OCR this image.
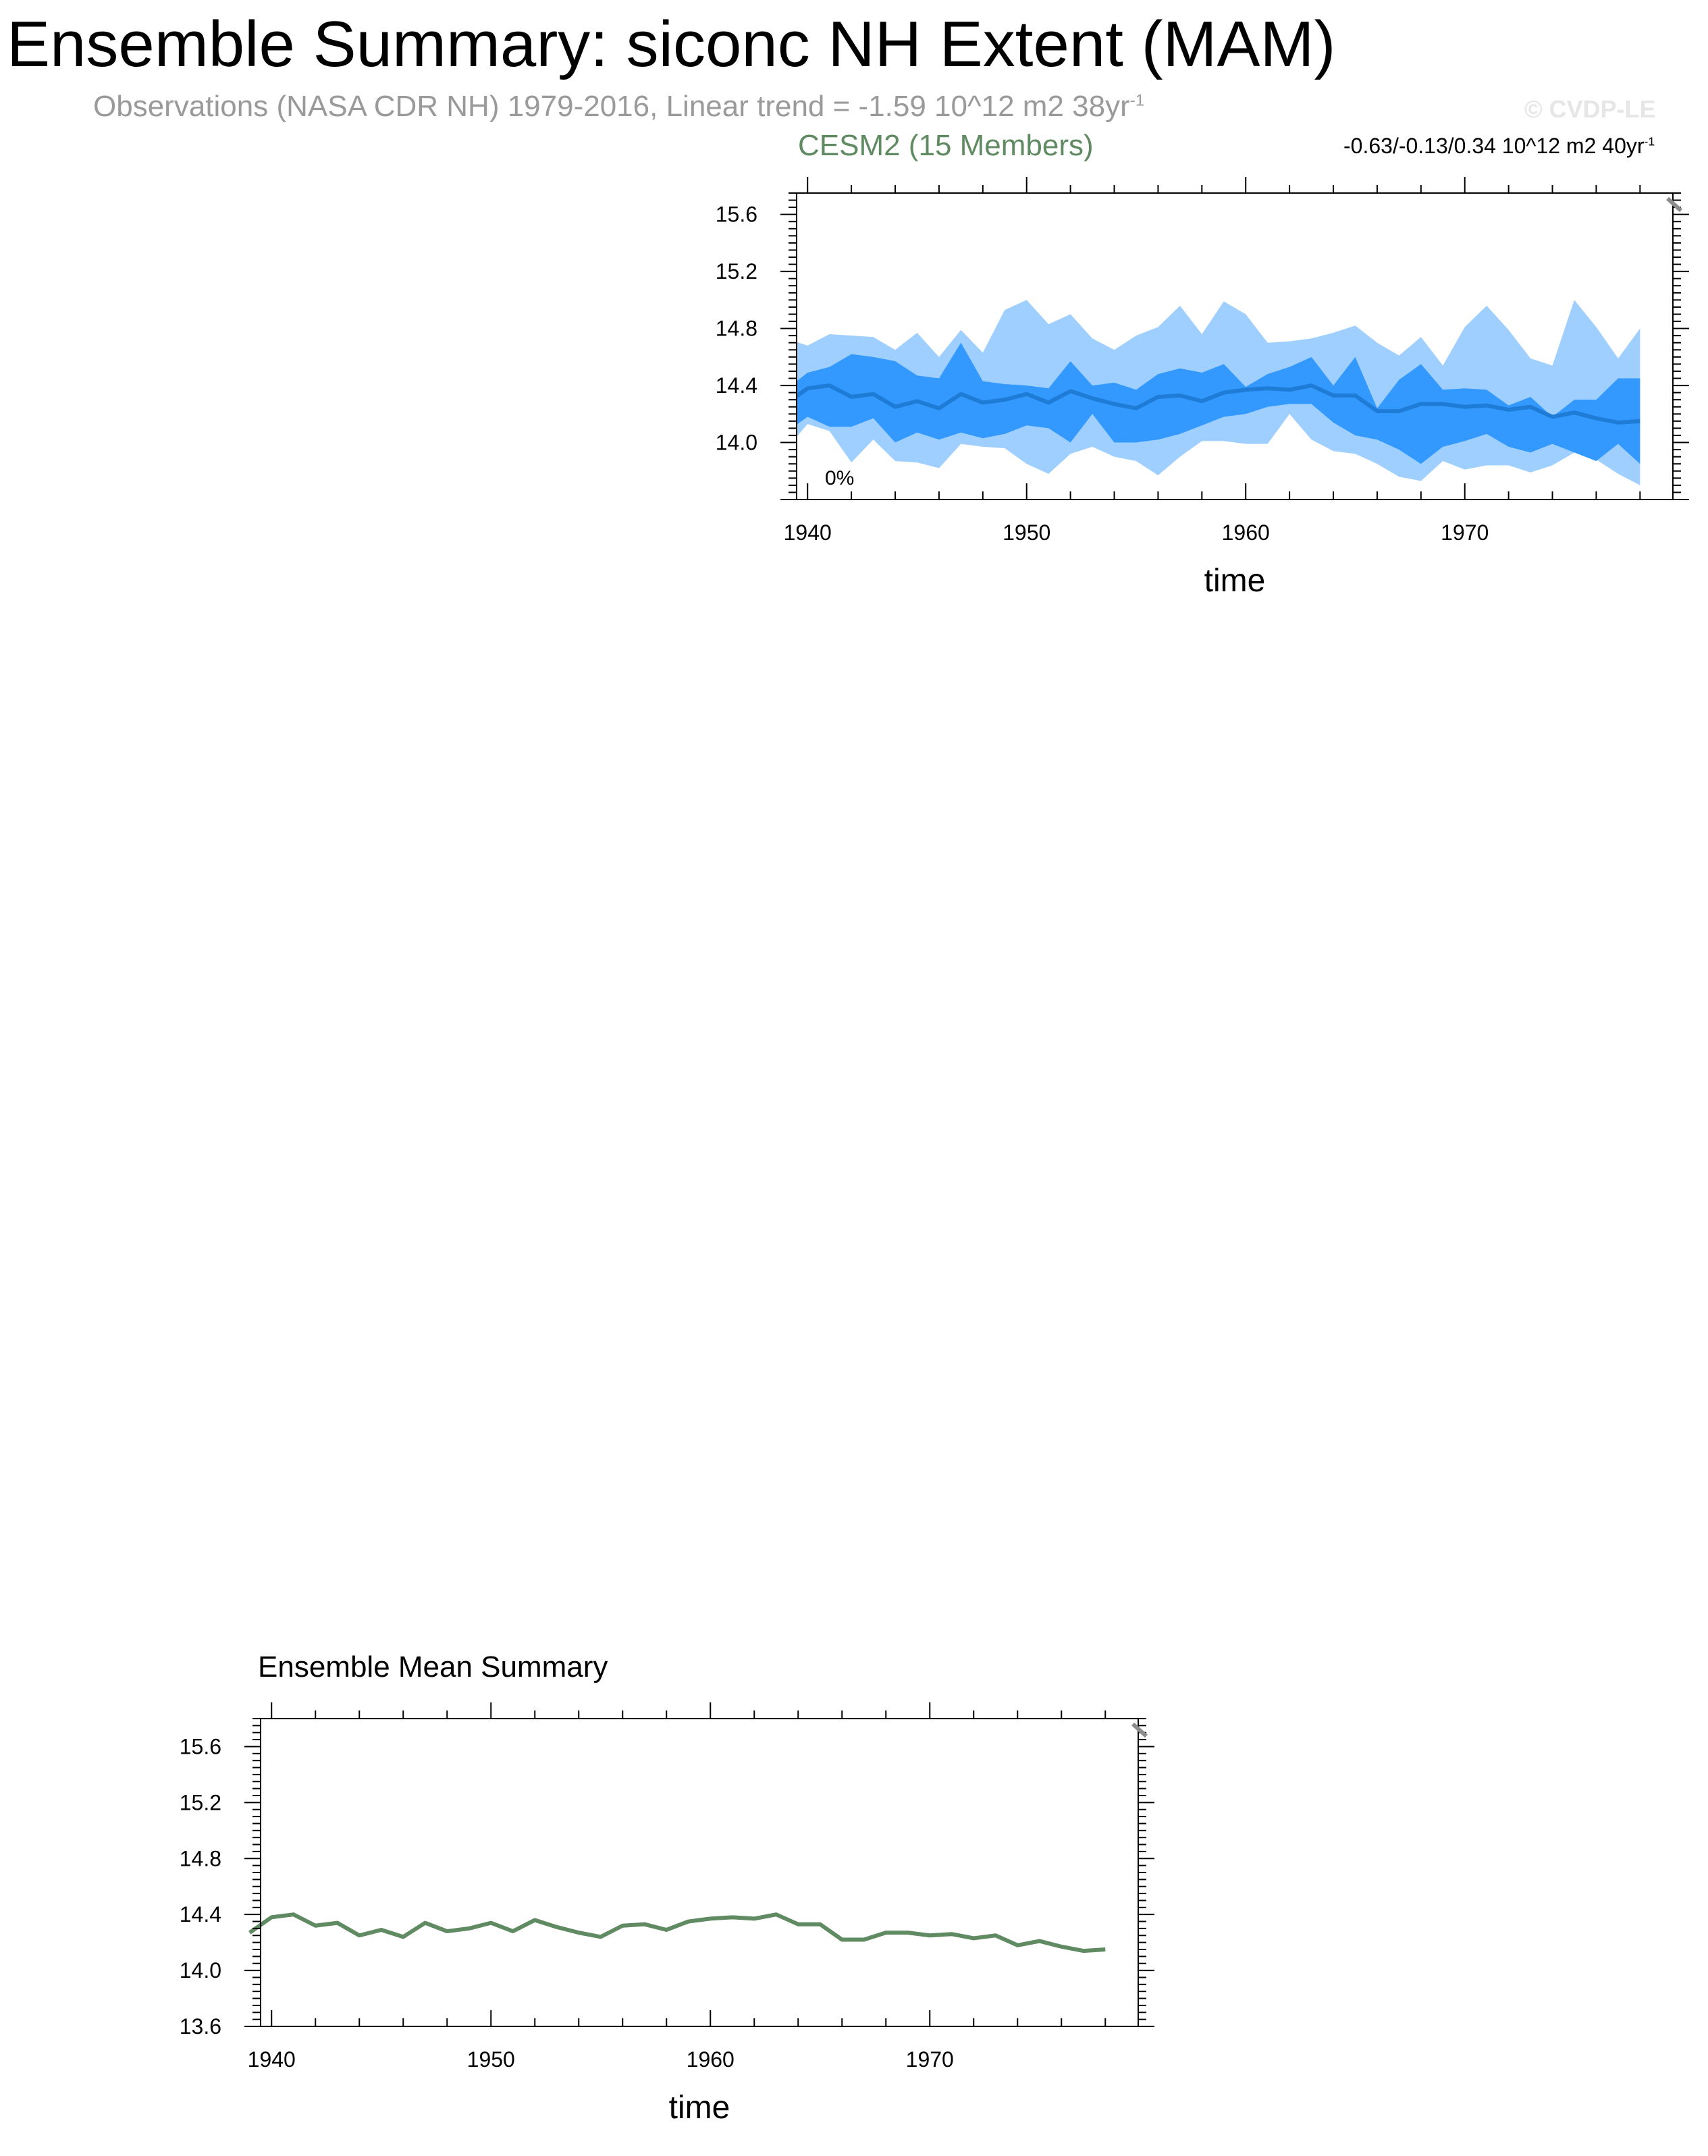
Ensemble Summary: siconc NH Extent (MAM)
Observations (NASA CDR NH) 1979-2016, Linear trend = -1.59 10^12 m2 $38yr^{-1}$	© CVDP-LE
CESM2 (15 Members)	-0.63/-0.13/0.34 10^12 m2 $40yr^{-1}$
Ensemble Mean Summary
1940	1950	1960	1970
14.0
14.4
14.8
15.2
15.6
time
0%
1940	1950	1960	1970
13.6
14.0
14.4
14.8
15.2
15.6
time
